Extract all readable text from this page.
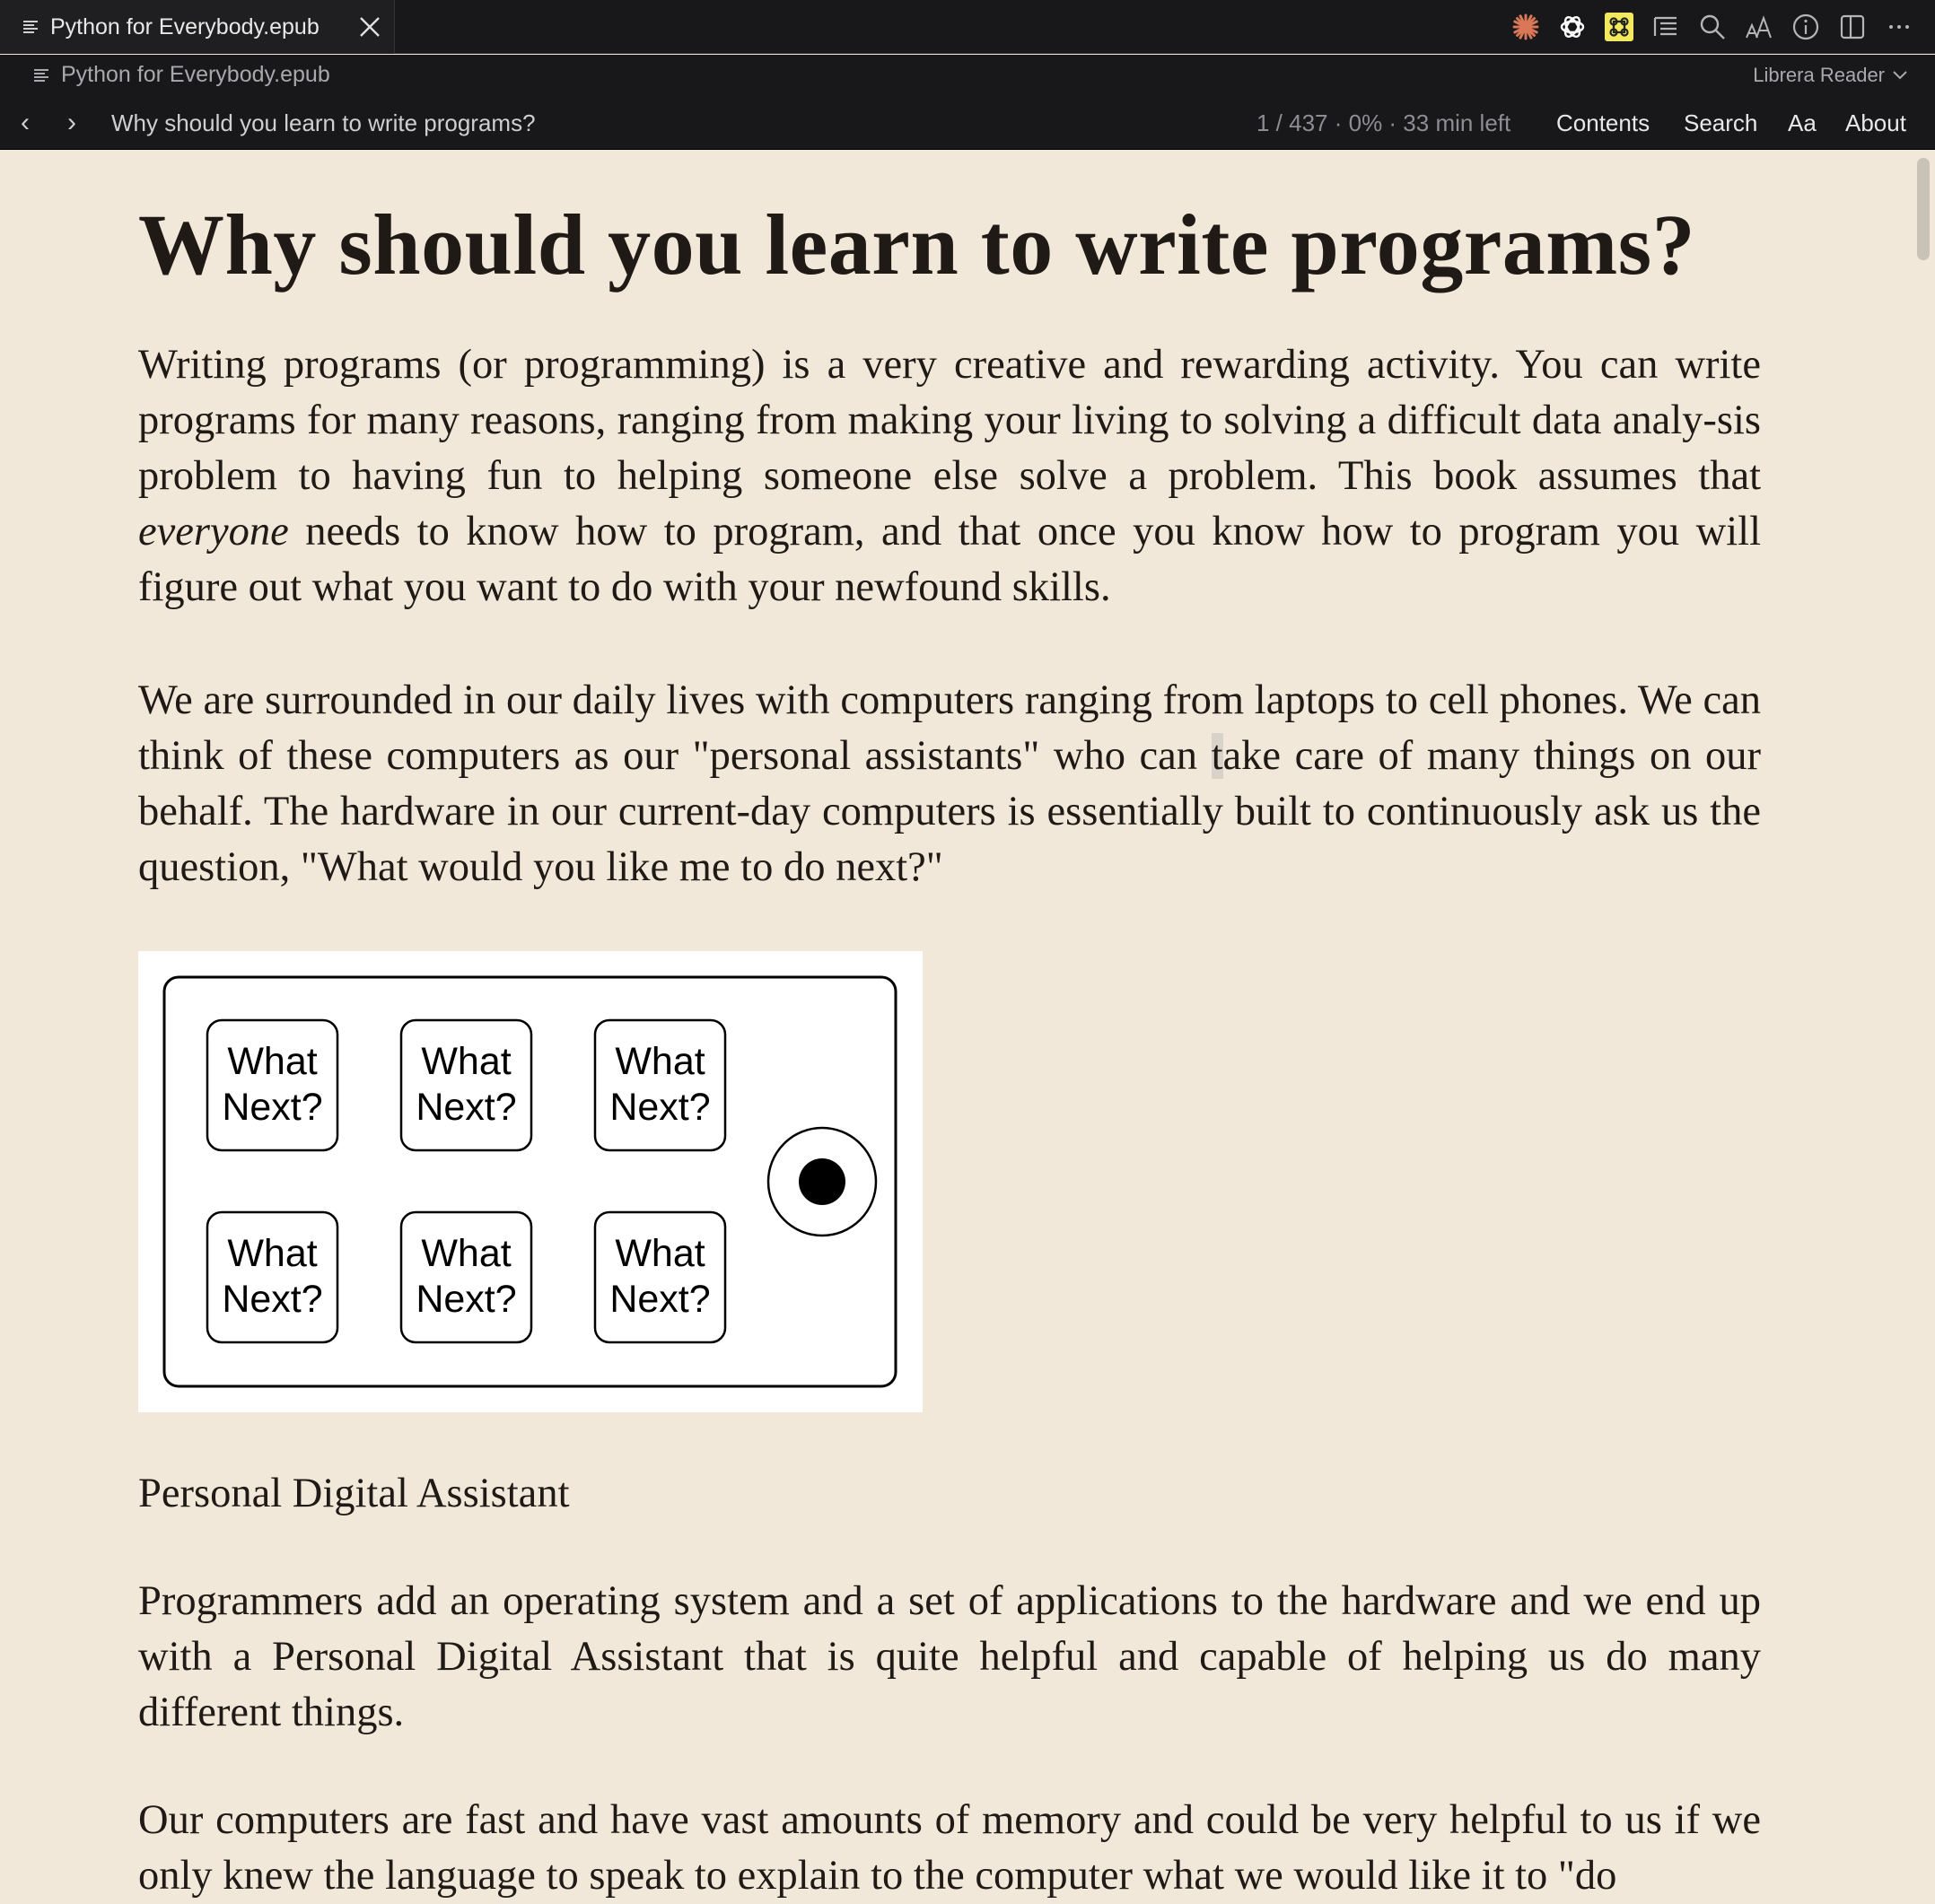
Python for Everybody.epub
Python for Everybody.epub	Librera Reader
‹	›	Why should you learn to write programs?	1 / 437 · 0% · 33 min left Contents Search Aa About
Why should you learn to write programs?

Writing programs (or programming) is a very creative and rewarding activity. You can write programs for many reasons, ranging from making your living to solving a difficult data analy-sis problem to having fun to helping someone else solve a problem. This book assumes that everyone needs to know how to program, and that once you know how to program you will figure out what you want to do with your newfound skills.

We are surrounded in our daily lives with computers ranging from laptops to cell phones. We can think of these computers as our "personal assistants" who can take care of many things on our behalf. The hardware in our current-day computers is essentially built to continuously ask us the question, "What would you like me to do next?"

What
Next?
What
Next?
What
Next?
What
Next?
What
Next?
What
Next?
Personal Digital Assistant

Programmers add an operating system and a set of applications to the hardware and we end up with a Personal Digital Assistant that is quite helpful and capable of helping us do many different things.

Our computers are fast and have vast amounts of memory and could be very helpful to us if we only knew the language to speak to explain to the computer what we would like it to "do
